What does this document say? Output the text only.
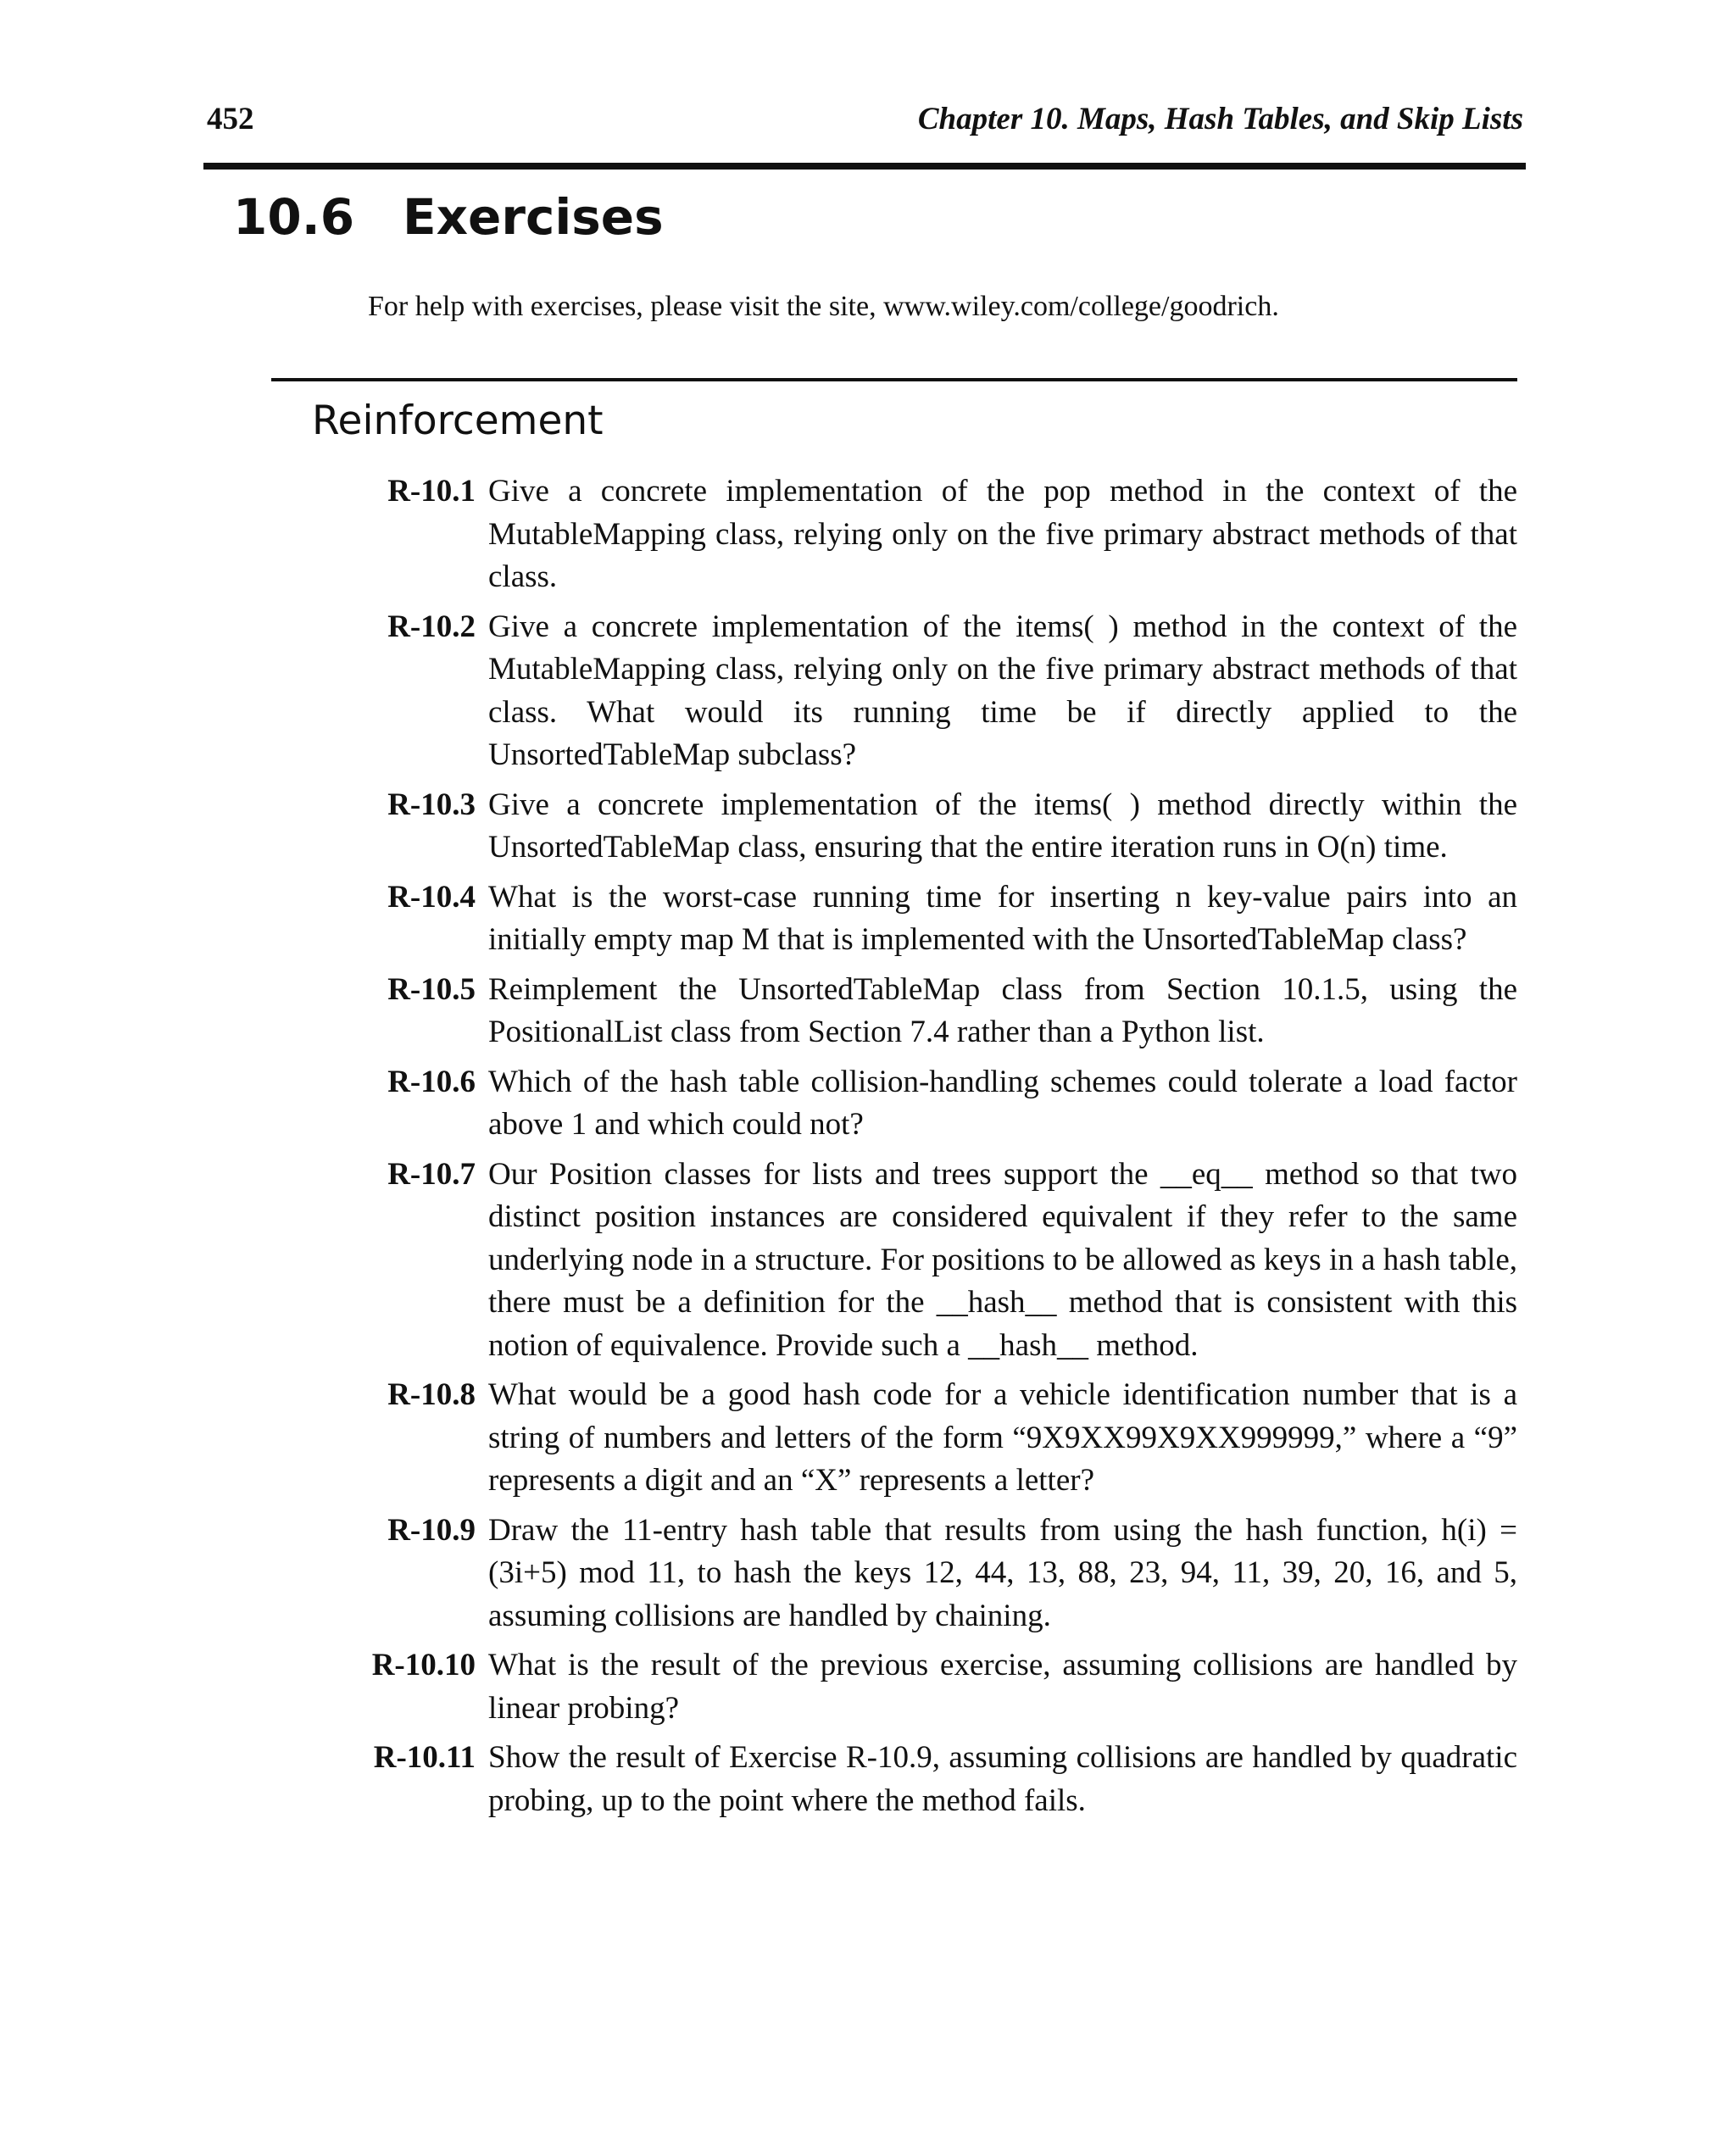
452	Chapter 10. Maps, Hash Tables, and Skip Lists
10.6 Exercises
For help with exercises, please visit the site, www.wiley.com/college/goodrich.
Reinforcement
R-10.1 Give a concrete implementation of the pop method in the context of the MutableMapping class, relying only on the five primary abstract methods of that class.
R-10.2 Give a concrete implementation of the items( ) method in the context of the MutableMapping class, relying only on the five primary abstract methods of that class. What would its running time be if directly applied to the UnsortedTableMap subclass?
R-10.3 Give a concrete implementation of the items( ) method directly within the UnsortedTableMap class, ensuring that the entire iteration runs in O(n) time.
R-10.4 What is the worst-case running time for inserting n key-value pairs into an initially empty map M that is implemented with the UnsortedTableMap class?
R-10.5 Reimplement the UnsortedTableMap class from Section 10.1.5, using the PositionalList class from Section 7.4 rather than a Python list.
R-10.6 Which of the hash table collision-handling schemes could tolerate a load factor above 1 and which could not?
R-10.7 Our Position classes for lists and trees support the __eq__ method so that two distinct position instances are considered equivalent if they refer to the same underlying node in a structure. For positions to be allowed as keys in a hash table, there must be a definition for the __hash__ method that is consistent with this notion of equivalence. Provide such a __hash__ method.
R-10.8 What would be a good hash code for a vehicle identification number that is a string of numbers and letters of the form “9X9XX99X9XX999999,” where a “9” represents a digit and an “X” represents a letter?
R-10.9 Draw the 11-entry hash table that results from using the hash function, h(i) = (3i+5) mod 11, to hash the keys 12, 44, 13, 88, 23, 94, 11, 39, 20, 16, and 5, assuming collisions are handled by chaining.
R-10.10 What is the result of the previous exercise, assuming collisions are handled by linear probing?
R-10.11 Show the result of Exercise R-10.9, assuming collisions are handled by quadratic probing, up to the point where the method fails.
